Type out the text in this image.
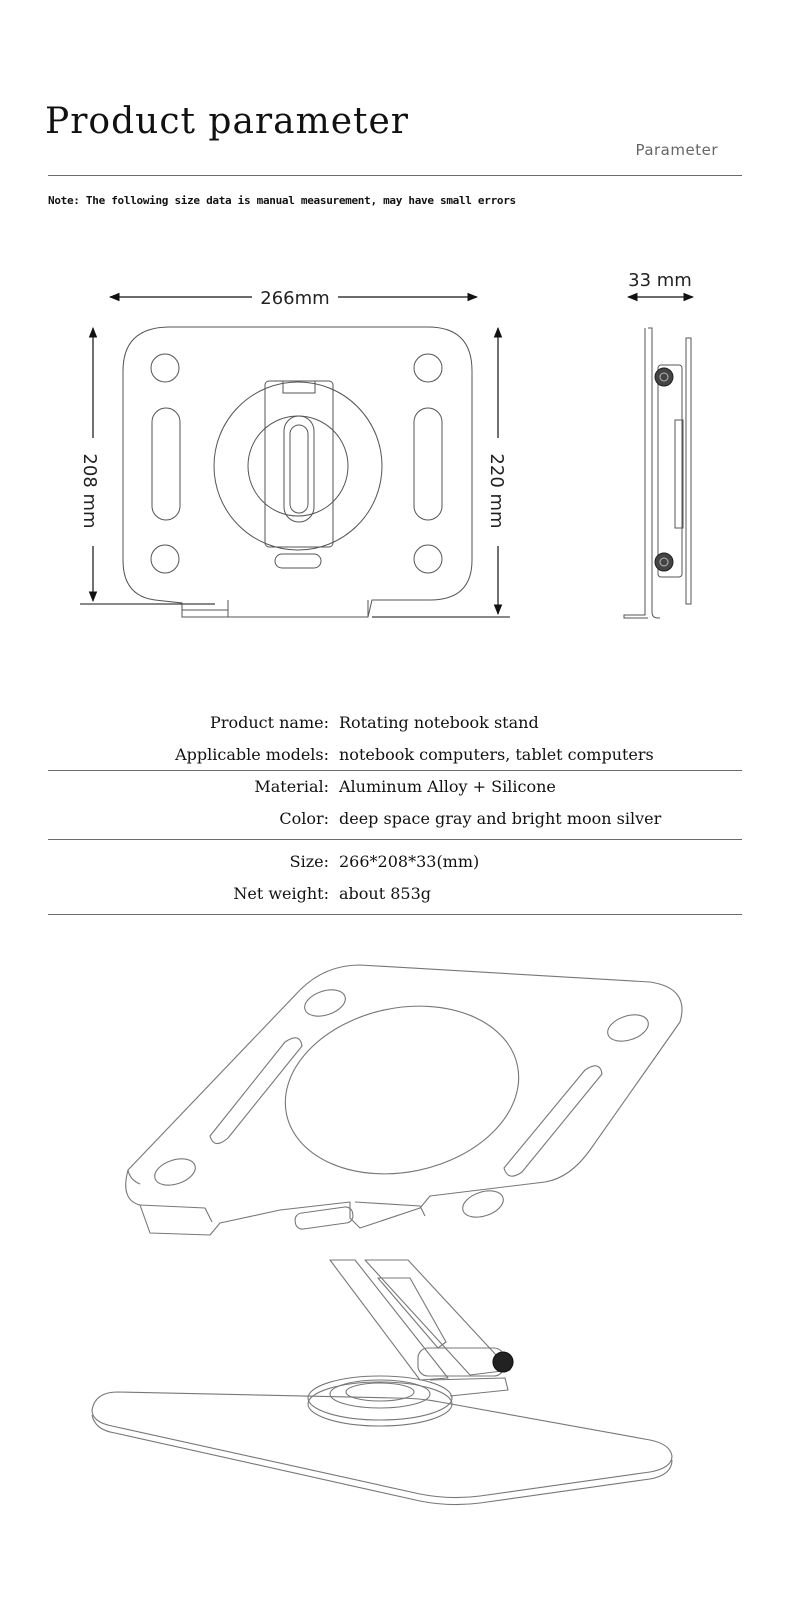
Product parameter
Parameter
Note: The following size data is manual measurement, may have small errors
266mm
208 mm	220 mm
33 mm
Product name: Rotating notebook stand
Applicable models: notebook computers, tablet computers
Material: Aluminum Alloy + Silicone
Color: deep space gray and bright moon silver
Size: 266*208*33(mm)
Net weight: about 853g
